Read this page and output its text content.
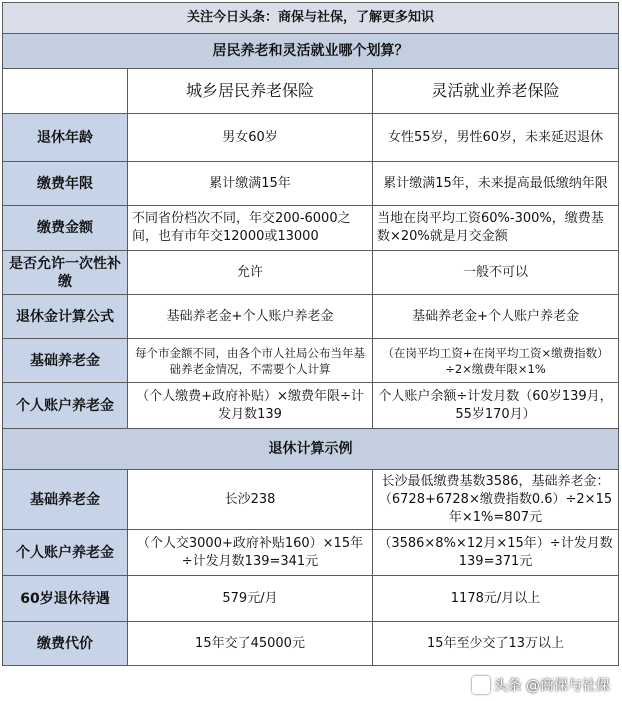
关注今日头条：商保与社保，了解更多知识		
居民养老和灵活就业哪个划算？		
	城乡居民养老保险	灵活就业养老保险
退休年龄	男女60岁	女性55岁，男性60岁，未来延迟退休
缴费年限	累计缴满15年	累计缴满15年，未来提高最低缴纳年限
缴费金额	不同省份档次不同，年交200-6000之间，也有市年交12000或13000	当地在岗平均工资60%-300%，缴费基数×20%就是月交金额
是否允许一次性补缴	允许	一般不可以
退休金计算公式	基础养老金+个人账户养老金	基础养老金+个人账户养老金
基础养老金	每个市金额不同，由各个市人社局公布当年基础养老金情况，不需要个人计算	（在岗平均工资+在岗平均工资×缴费指数）÷2×缴费年限×1%
个人账户养老金	（个人缴费+政府补贴）×缴费年限÷计发月数139	个人账户余额÷计发月数（60岁139月，55岁170月）
退休计算示例		
基础养老金	长沙238	长沙最低缴费基数3586，基础养老金：（6728+6728×缴费指数0.6）÷2×15年×1%=807元
个人账户养老金	（个人交3000+政府补贴160）×15年÷计发月数139=341元	（3586×8%×12月×15年）÷计发月数139=371元
60岁退休待遇	579元/月	1178元/月以上
缴费代价	15年交了45000元	15年至少交了13万以上
头条 @商保与社保
